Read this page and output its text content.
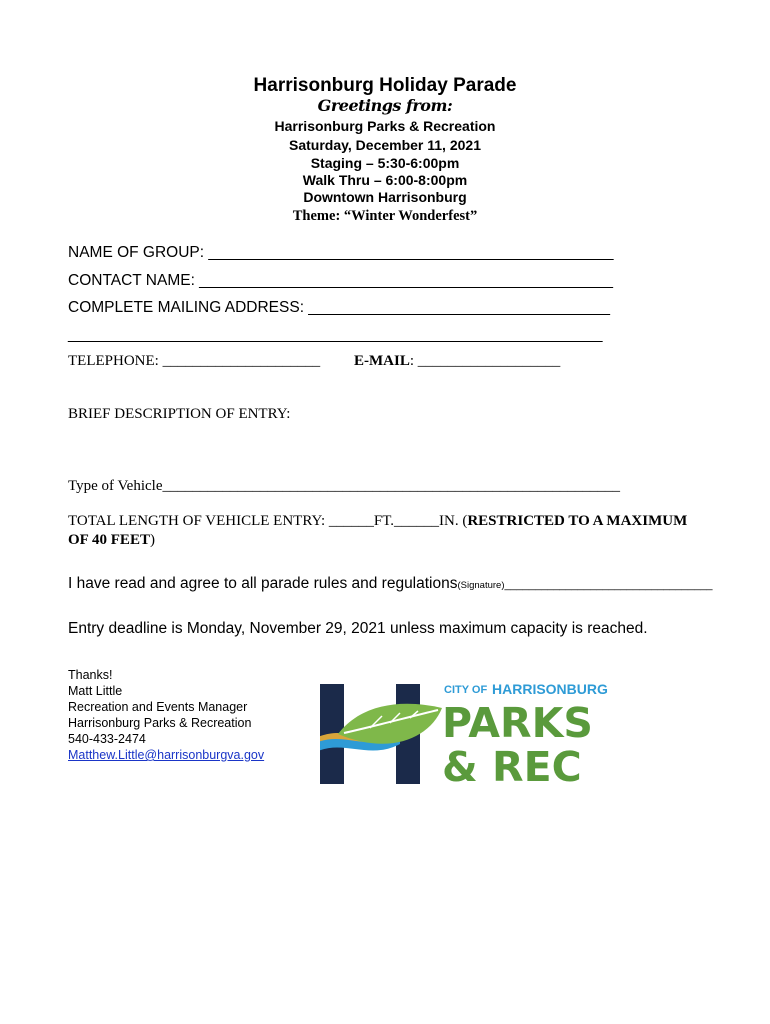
Harrisonburg Holiday Parade
Greetings from:
Harrisonburg Parks & Recreation
Saturday, December 11, 2021
Staging – 5:30-6:00pm
Walk Thru – 6:00-8:00pm
Downtown Harrisonburg
Theme: “Winter Wonderfest”
NAME OF GROUP: _______________________________________________
CONTACT NAME: ________________________________________________
COMPLETE MAILING ADDRESS: ___________________________________
______________________________________________________________
TELEPHONE: _____________________ E-MAIL: ___________________
BRIEF DESCRIPTION OF ENTRY:
Type of Vehicle_____________________________________________________________
TOTAL LENGTH OF VEHICLE ENTRY: ______FT.______IN. (RESTRICTED TO A MAXIMUM
OF 40 FEET)
I have read and agree to all parade rules and regulations(Signature)__________________________________
Entry deadline is Monday, November 29, 2021 unless maximum capacity is reached.
Thanks!
Matt Little
Recreation and Events Manager
Harrisonburg Parks & Recreation
540-433-2474
Matthew.Little@harrisonburgva.gov
CITY OF HARRISONBURG
PARKS
& REC
